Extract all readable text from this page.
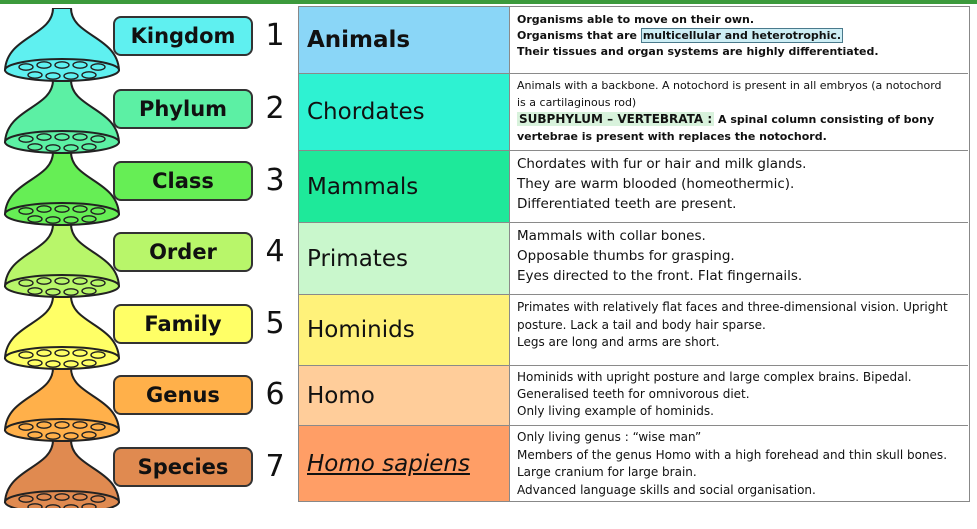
Kingdom
Phylum
Class
Order
Family
Genus
Species
1
2
3
4
5
6
7
Animals
Organisms able to move on their own.
Organisms that are multicellular and heterotrophic.
Their tissues and organ systems are highly differentiated.
Chordates
Animals with a backbone. A notochord is present in all embryos (a notochord
is a cartilaginous rod)
SUBPHYLUM – VERTEBRATA : A spinal column consisting of bony
vertebrae is present with replaces the notochord.
Mammals
Chordates with fur or hair and milk glands.
They are warm blooded (homeothermic).
Differentiated teeth are present.
Primates
Mammals with collar bones.
Opposable thumbs for grasping.
Eyes directed to the front. Flat fingernails.
Hominids
Primates with relatively flat faces and three-dimensional vision. Upright
posture. Lack a tail and body hair sparse.
Legs are long and arms are short.
Homo
Hominids with upright posture and large complex brains. Bipedal.
Generalised teeth for omnivorous diet.
Only living example of hominids.
Homo sapiens
Only living genus : “wise man”
Members of the genus Homo with a high forehead and thin skull bones.
Large cranium for large brain.
Advanced language skills and social organisation.
